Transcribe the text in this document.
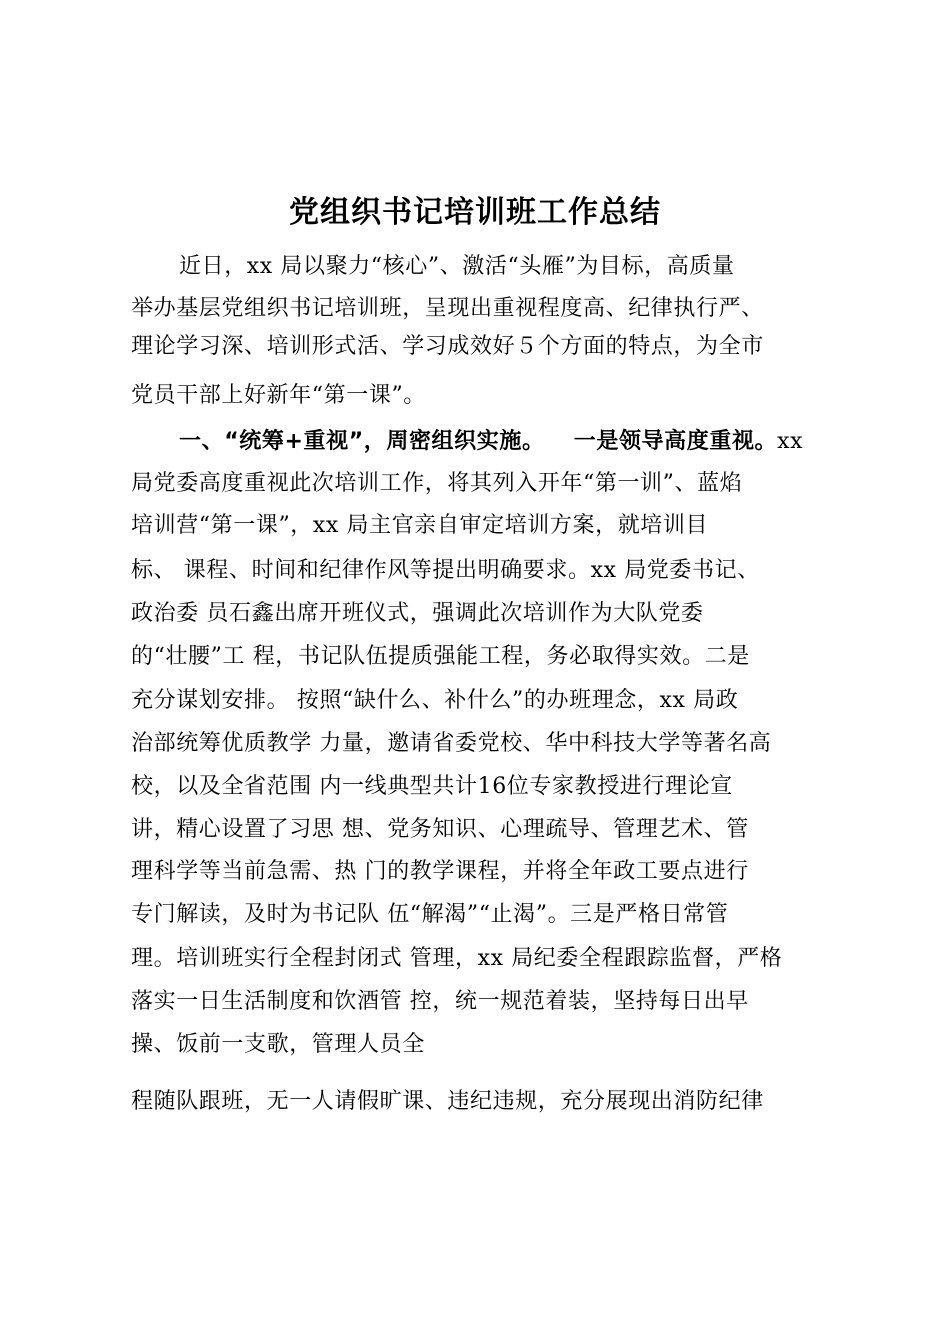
党组织书记培训班工作总结
近日，xx 局以聚力“核心”、激活“头雁”为目标，高质量
举办基层党组织书记培训班，呈现出重视程度高、纪律执行严、
理论学习深、培训形式活、学习成效好５个方面的特点，为全市
党员干部上好新年“第一课”。
一、“统筹+重视”，周密组织实施。 一是领导高度重视。xx
局党委高度重视此次培训工作，将其列入开年“第一训”、蓝焰
培训营“第一课”，xx 局主官亲自审定培训方案，就培训目
标、 课程、时间和纪律作风等提出明确要求。xx 局党委书记、
政治委 员石鑫出席开班仪式，强调此次培训作为大队党委
的“壮腰”工 程，书记队伍提质强能工程，务必取得实效。二是
充分谋划安排。 按照“缺什么、补什么”的办班理念，xx 局政
治部统筹优质教学 力量，邀请省委党校、华中科技大学等著名高
校，以及全省范围 内一线典型共计16位专家教授进行理论宣
讲，精心设置了习思 想、党务知识、心理疏导、管理艺术、管
理科学等当前急需、热 门的教学课程，并将全年政工要点进行
专门解读，及时为书记队 伍“解渴”“止渴”。三是严格日常管
理。培训班实行全程封闭式 管理，xx 局纪委全程跟踪监督，严格
落实一日生活制度和饮酒管 控，统一规范着装，坚持每日出早
操、饭前一支歌，管理人员全
程随队跟班，无一人请假旷课、违纪违规，充分展现出消防纪律
